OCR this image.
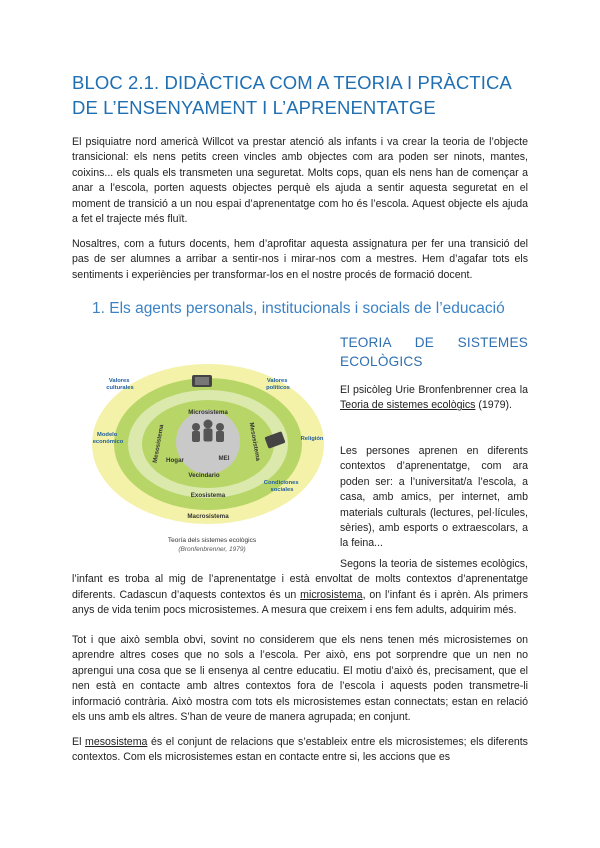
BLOC 2.1. DIDÀCTICA COM A TEORIA I PRÀCTICA
DE L’ENSENYAMENT I L’APRENENTATGE
El psiquiatre nord americà Willcot va prestar atenció als infants i va crear la teoria de l’objecte transicional: els nens petits creen vincles amb objectes com ara poden ser ninots, mantes, coixins... els quals els transmeten una seguretat. Molts cops, quan els nens han de començar a anar a l’escola, porten aquests objectes perquè els ajuda a sentir aquesta seguretat en el moment de transició a un nou espai d’aprenentatge com ho és l’escola. Aquest objecte els ajuda a fet el trajecte més fluït.
Nosaltres, com a futurs docents, hem d’aprofitar aquesta assignatura per fer una transició del pas de ser alumnes a arribar a sentir-nos i mirar-nos com a mestres. Hem d’agafar tots els sentiments i experiències per transformar-los en el nostre procés de formació docent.
1. Els agents personals, institucionals i socials de l’educació
TEORIA DE SISTEMES ECOLÒGICS
El psicòleg Urie Bronfenbrenner crea la Teoria de sistemes ecològics (1979).
Les persones aprenen en diferents contextos d’aprenentatge, com ara poden ser: a l’universitat/a l’escola, a casa, amb amics, per internet, amb materials culturals (lectures, pel·lícules, sèries), amb esports o extraescolars, a la feina...
Microsistema
Hogar	MEI
Vecindario
Mesosistema	Mesosistema
Exosistema
Macrosistema
Valores culturales
Valores políticos
Modelo económico	Religión
Condiciones sociales
Teoría dels sistemes ecològics
(Bronfenbrenner, 1979)
Segons la teoria de sistemes ecològics, l’infant es troba al mig de l’aprenentatge i està envoltat de molts contextos d’aprenentatge diferents. Cadascun d’aquests contextos és un microsistema, on l’infant és i aprèn. Als primers anys de vida tenim pocs microsistemes. A mesura que creixem i ens fem adults, adquirim més.
Tot i que això sembla obvi, sovint no considerem que els nens tenen més microsistemes on aprendre altres coses que no sols a l’escola. Per això, ens pot sorprendre que un nen no aprengui una cosa que se li ensenya al centre educatiu. El motiu d’això és, precisament, que el nen està en contacte amb altres contextos fora de l’escola i aquests poden transmetre-li informació contrària. Això mostra com tots els microsistemes estan connectats; estan en relació els uns amb els altres. S’han de veure de manera agrupada; en conjunt.
El mesosistema és el conjunt de relacions que s’estableix entre els microsistemes; els diferents contextos. Com els microsistemes estan en contacte entre si, les accions que es
